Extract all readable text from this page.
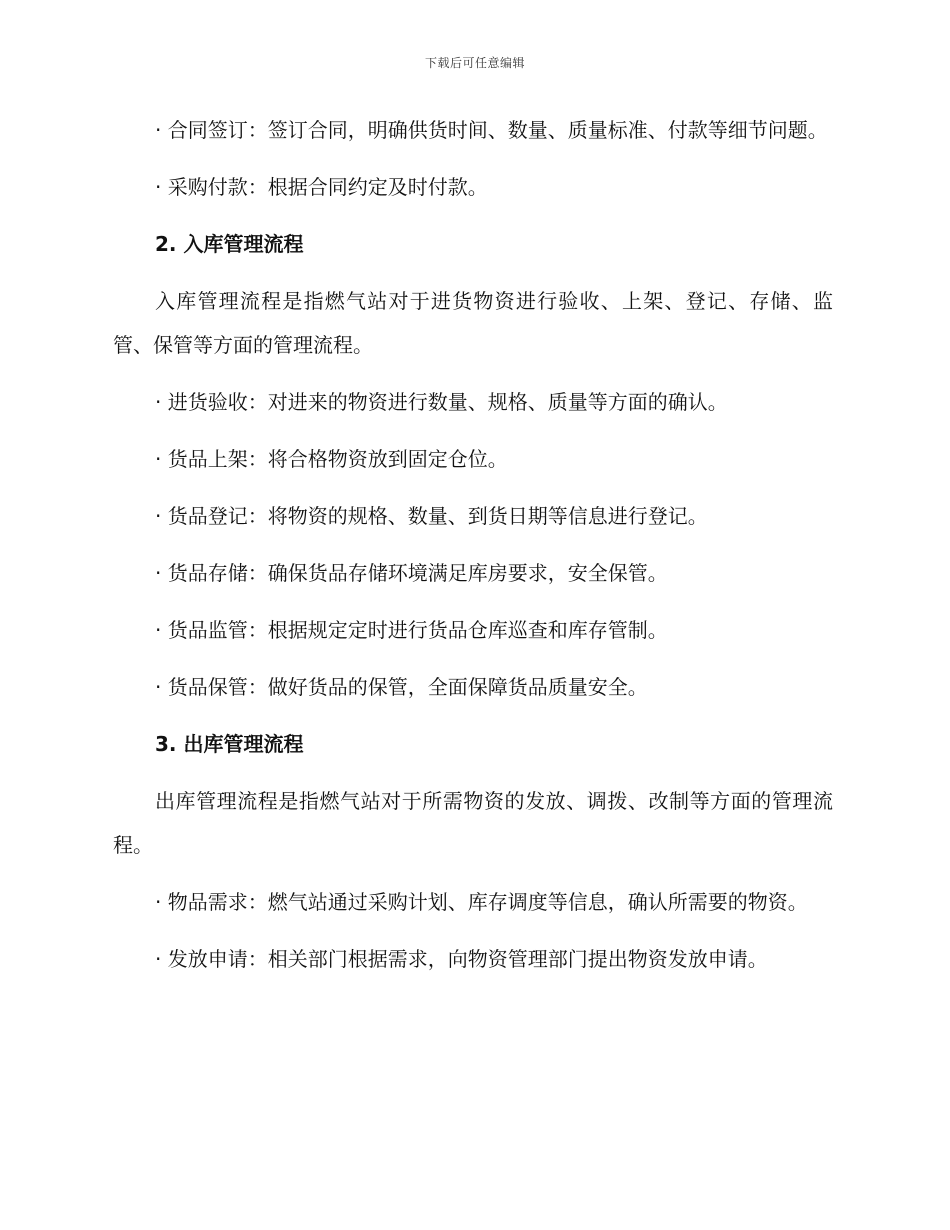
下载后可任意编辑

· 合同签订：签订合同，明确供货时间、数量、质量标准、付款等细节问题。

· 采购付款：根据合同约定及时付款。

2. 入库管理流程

入库管理流程是指燃气站对于进货物资进行验收、上架、登记、存储、监管、保管等方面的管理流程。

· 进货验收：对进来的物资进行数量、规格、质量等方面的确认。

· 货品上架：将合格物资放到固定仓位。

· 货品登记：将物资的规格、数量、到货日期等信息进行登记。

· 货品存储：确保货品存储环境满足库房要求，安全保管。

· 货品监管：根据规定定时进行货品仓库巡查和库存管制。

· 货品保管：做好货品的保管，全面保障货品质量安全。

3. 出库管理流程

出库管理流程是指燃气站对于所需物资的发放、调拨、改制等方面的管理流程。

· 物品需求：燃气站通过采购计划、库存调度等信息，确认所需要的物资。

· 发放申请：相关部门根据需求，向物资管理部门提出物资发放申请。
